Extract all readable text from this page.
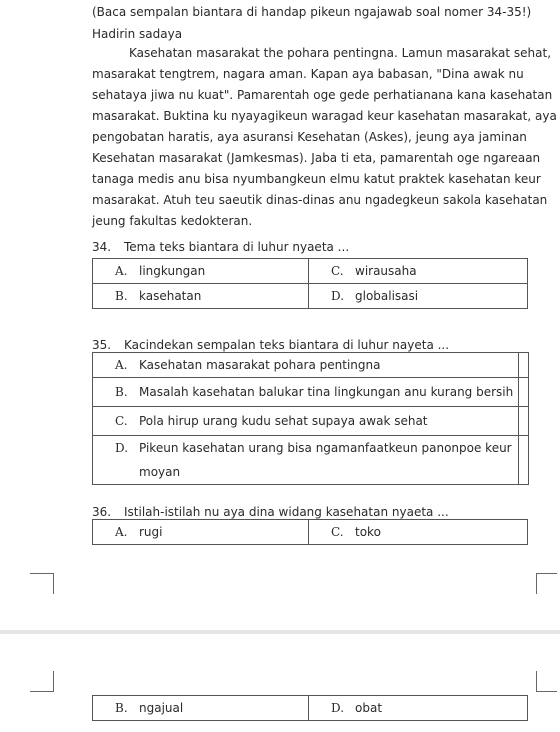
(Baca sempalan biantara di handap pikeun ngajawab soal nomer 34-35!)
Hadirin sadaya
Kasehatan masarakat the pohara pentingna. Lamun masarakat sehat,
masarakat tengtrem, nagara aman. Kapan aya babasan, "Dina awak nu
sehataya jiwa nu kuat". Pamarentah oge gede perhatianana kana kasehatan
masarakat. Buktina ku nyayagikeun waragad keur kasehatan masarakat, aya
pengobatan haratis, aya asuransi Kesehatan (Askes), jeung aya jaminan
Kesehatan masarakat (Jamkesmas). Jaba ti eta, pamarentah oge ngareaan
tanaga medis anu bisa nyumbangkeun elmu katut praktek kasehatan keur
masarakat. Atuh teu saeutik dinas-dinas anu ngadegkeun sakola kasehatan
jeung fakultas kedokteran.
34. Tema teks biantara di luhur nyaeta ...
A. lingkungan	C. wirausaha
B. kasehatan	D. globalisasi
35. Kacindekan sempalan teks biantara di luhur nayeta ...
A. Kasehatan masarakat pohara pentingna	
B. Masalah kasehatan balukar tina lingkungan anu kurang bersih	
C. Pola hirup urang kudu sehat supaya awak sehat	
D. Pikeun kasehatan urang bisa ngamanfaatkeun panonpoe keur
moyan	
36. Istilah-istilah nu aya dina widang kasehatan nyaeta ...
A. rugi	C. toko
B. ngajual	D. obat
